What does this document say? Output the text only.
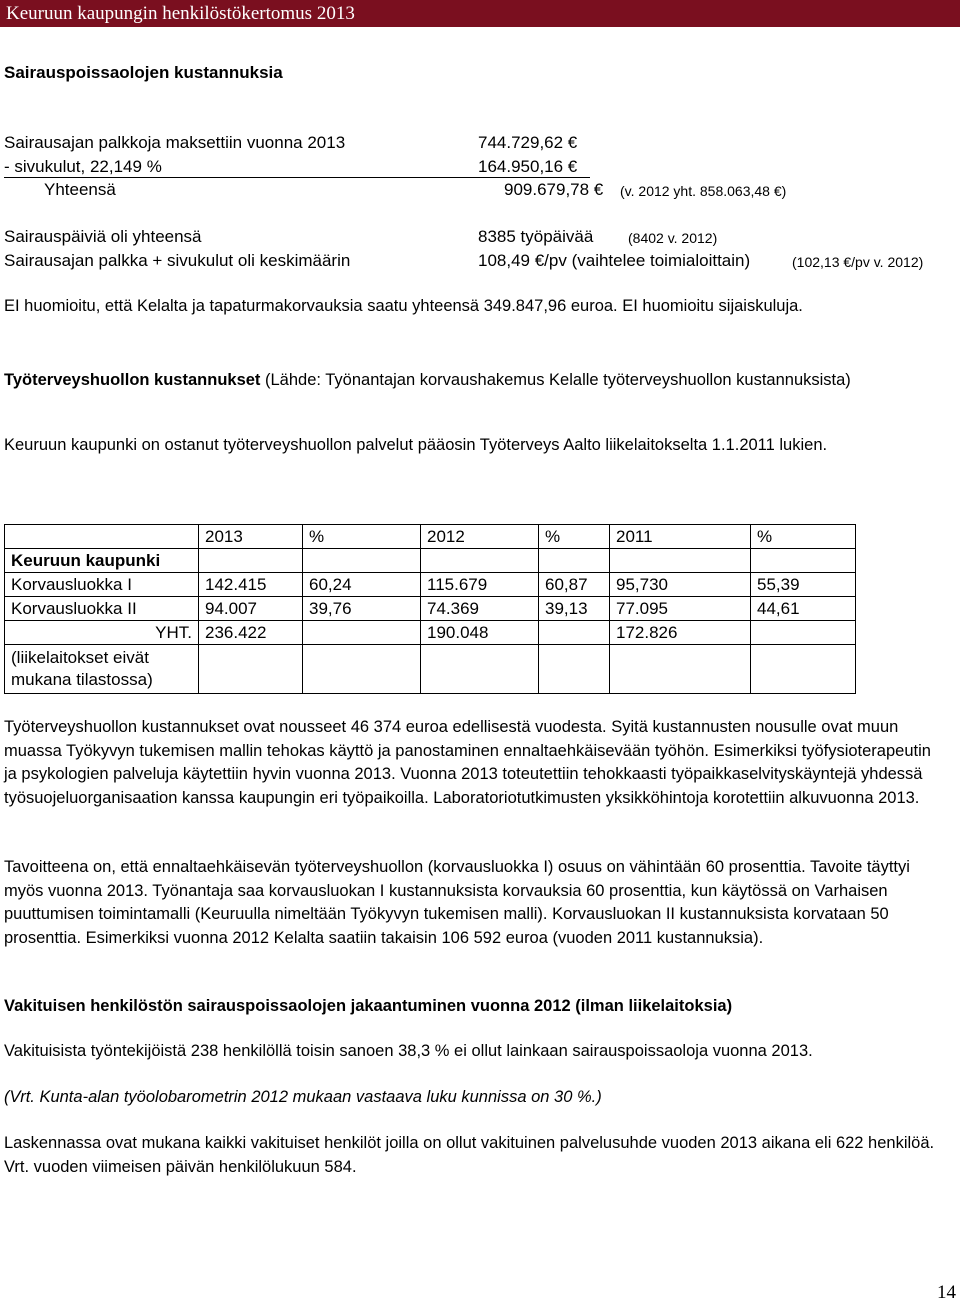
Keuruun kaupungin henkilöstökertomus 2013
Sairauspoissaolojen kustannuksia
Sairausajan palkkoja maksettiin vuonna 2013	744.729,62 €
- sivukulut, 22,149 %	164.950,16 €
Yhteensä	909.679,78 € (v. 2012 yht. 858.063,48 €)
Sairauspäiviä oli yhteensä	8385 työpäivää (8402 v. 2012)
Sairausajan palkka + sivukulut oli keskimäärin	108,49 €/pv (vaihtelee toimialoittain)	(102,13 €/pv v. 2012)
EI huomioitu, että Kelalta ja tapaturmakorvauksia saatu yhteensä 349.847,96 euroa. EI huomioitu sijaiskuluja.
Työterveyshuollon kustannukset (Lähde: Työnantajan korvaushakemus Kelalle työterveyshuollon kustannuksista)
Keuruun kaupunki on ostanut työterveyshuollon palvelut pääosin Työterveys Aalto liikelaitokselta 1.1.2011 lukien.
	2013	%	2012	%	2011	%
Keuruun kaupunki						
Korvausluokka I	142.415	60,24	115.679	60,87	95,730	55,39
Korvausluokka II	94.007	39,76	74.369	39,13	77.095	44,61
YHT.	236.422		190.048		172.826	
(liikelaitokset eivät mukana tilastossa)						
Työterveyshuollon kustannukset ovat nousseet 46 374 euroa edellisestä vuodesta. Syitä kustannusten nousulle ovat muun muassa Työkyvyn tukemisen mallin tehokas käyttö ja panostaminen ennaltaehkäisevään työhön. Esimerkiksi työfysioterapeutin ja psykologien palveluja käytettiin hyvin vuonna 2013. Vuonna 2013 toteutettiin tehokkaasti työpaikkaselvityskäyntejä yhdessä työsuojeluorganisaation kanssa kaupungin eri työpaikoilla. Laboratoriotutkimusten yksikköhintoja korotettiin alkuvuonna 2013.
Tavoitteena on, että ennaltaehkäisevän työterveyshuollon (korvausluokka I) osuus on vähintään 60 prosenttia. Tavoite täyttyi myös vuonna 2013. Työnantaja saa korvausluokan I kustannuksista korvauksia 60 prosenttia, kun käytössä on Varhaisen puuttumisen toimintamalli (Keuruulla nimeltään Työkyvyn tukemisen malli). Korvausluokan II kustannuksista korvataan 50 prosenttia. Esimerkiksi vuonna 2012 Kelalta saatiin takaisin 106 592 euroa (vuoden 2011 kustannuksia).
Vakituisen henkilöstön sairauspoissaolojen jakaantuminen vuonna 2012 (ilman liikelaitoksia)
Vakituisista työntekijöistä 238 henkilöllä toisin sanoen 38,3 % ei ollut lainkaan sairauspoissaoloja vuonna 2013.
(Vrt. Kunta-alan työolobarometrin 2012 mukaan vastaava luku kunnissa on 30 %.)
Laskennassa ovat mukana kaikki vakituiset henkilöt joilla on ollut vakituinen palvelusuhde vuoden 2013 aikana eli 622 henkilöä. Vrt. vuoden viimeisen päivän henkilölukuun 584.
14
